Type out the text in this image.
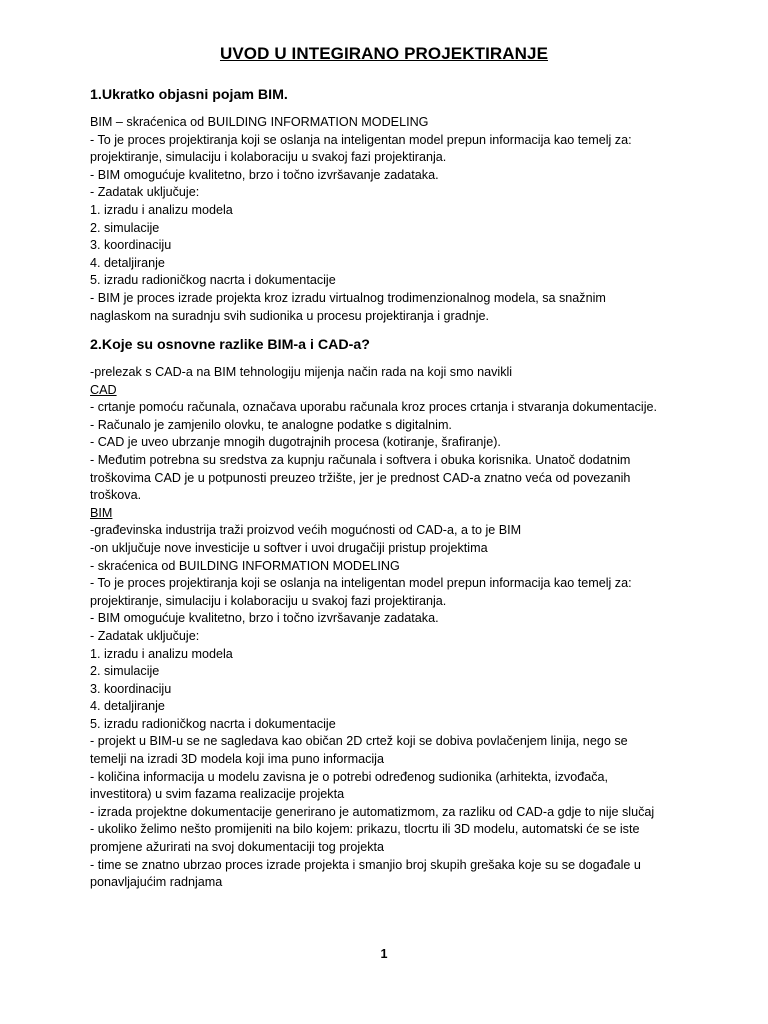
UVOD U INTEGIRANO PROJEKTIRANJE
1.Ukratko objasni pojam BIM.
BIM – skraćenica od BUILDING INFORMATION MODELING
- To je proces projektiranja koji se oslanja na inteligentan model prepun informacija kao temelj za:
projektiranje, simulaciju i kolaboraciju u svakoj fazi projektiranja.
- BIM omogućuje kvalitetno, brzo i točno izvršavanje zadataka.
- Zadatak uključuje:
1. izradu i analizu modela
2. simulacije
3. koordinaciju
4. detaljiranje
5. izradu radioničkog nacrta i dokumentacije
- BIM je proces izrade projekta kroz izradu virtualnog trodimenzionalnog modela, sa snažnim
naglaskom na suradnju svih sudionika u procesu projektiranja i gradnje.
2.Koje su osnovne razlike BIM-a i CAD-a?
-prelezak s CAD-a na BIM tehnologiju mijenja način rada na koji smo navikli
CAD
- crtanje pomoću računala, označava uporabu računala kroz proces crtanja i stvaranja dokumentacije.
- Računalo je zamjenilo olovku, te analogne podatke s digitalnim.
- CAD je uveo ubrzanje mnogih dugotrajnih procesa (kotiranje, šrafiranje).
- Međutim potrebna su sredstva za kupnju računala i softvera i obuka korisnika. Unatoč dodatnim
troškovima CAD je u potpunosti preuzeo tržište, jer je prednost CAD-a znatno veća od povezanih
troškova.
BIM
-građevinska industrija traži proizvod većih mogućnosti od CAD-a, a to je BIM
-on uključuje nove investicije u softver i uvoi drugačiji pristup projektima
- skraćenica od BUILDING INFORMATION MODELING
- To je proces projektiranja koji se oslanja na inteligentan model prepun informacija kao temelj za:
projektiranje, simulaciju i kolaboraciju u svakoj fazi projektiranja.
- BIM omogućuje kvalitetno, brzo i točno izvršavanje zadataka.
- Zadatak uključuje:
1. izradu i analizu modela
2. simulacije
3. koordinaciju
4. detaljiranje
5. izradu radioničkog nacrta i dokumentacije
- projekt u BIM-u se ne sagledava kao običan 2D crtež koji se dobiva povlačenjem linija, nego se
temelji na izradi 3D modela koji ima puno informacija
- količina informacija u modelu zavisna je o potrebi određenog sudionika (arhitekta, izvođača,
investitora) u svim fazama realizacije projekta
- izrada projektne dokumentacije generirano je automatizmom, za razliku od CAD-a gdje to nije slučaj
- ukoliko želimo nešto promijeniti na bilo kojem: prikazu, tlocrtu ili 3D modelu, automatski će se iste
promjene ažurirati na svoj dokumentaciji tog projekta
- time se znatno ubrzao proces izrade projekta i smanjio broj skupih grešaka koje su se događale u
ponavljajućim radnjama
1
